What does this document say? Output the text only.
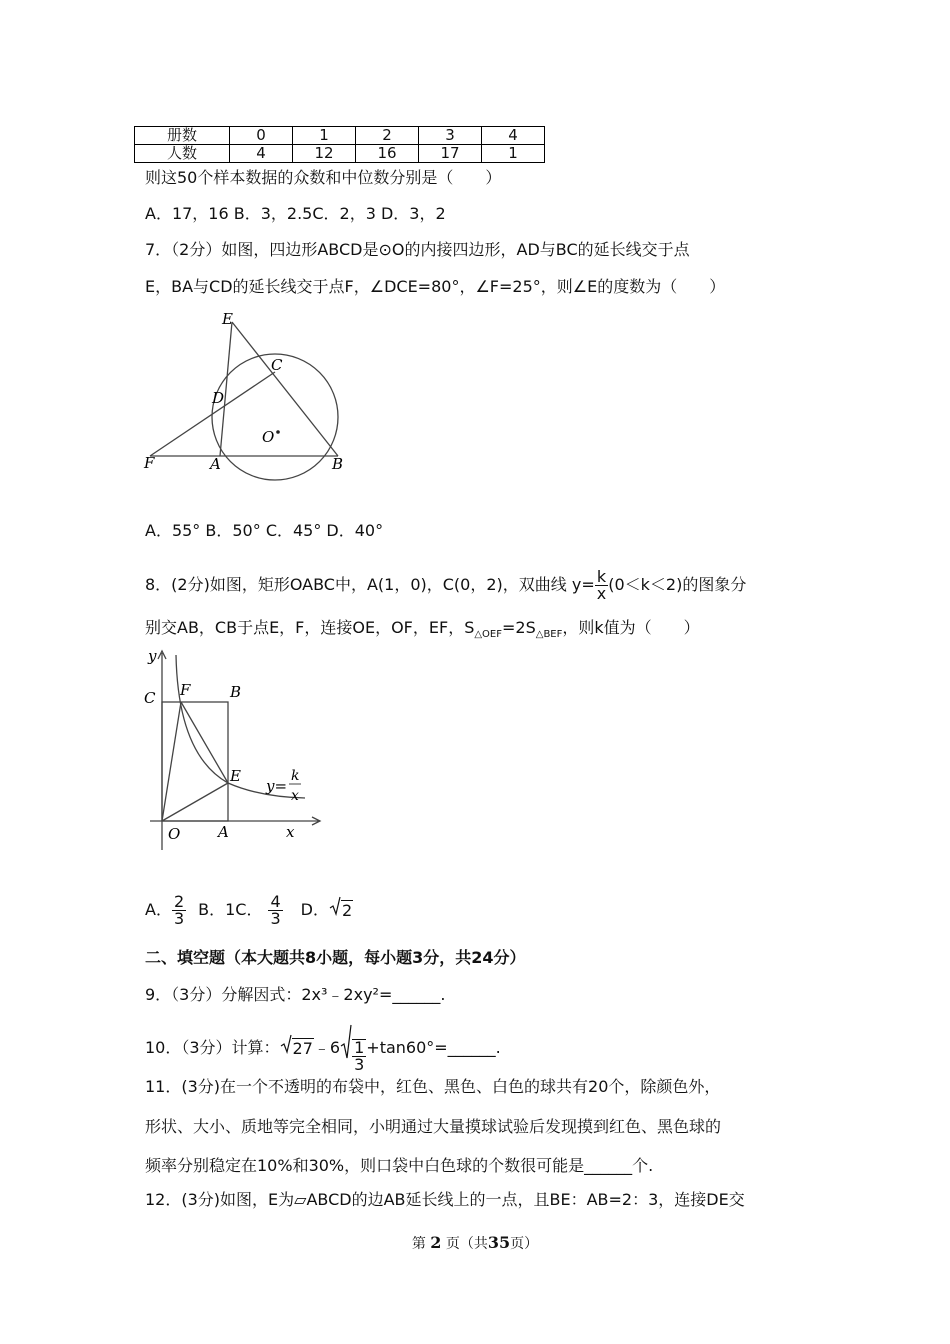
册数	0	1	2	3	4
人数	4	12	16	17	1
则这50个样本数据的众数和中位数分别是（　　）
A．17，16 B．3，2.5C．2，3 D．3，2
7．（2分）如图，四边形ABCD是⊙O的内接四边形，AD与BC的延长线交于点
E，BA与CD的延长线交于点F，∠DCE=80°，∠F=25°，则∠E的度数为（　　）
E
C
D
O
F	A	B
A．55° B．50° C．45° D．40°
8．(2分)如图，矩形OABC中，A(1，0)，C(0，2)，双曲线 $y= \frac{k}{x} (0<k<2)$的图象分
别交AB，CB于点E，F，连接OE，OF，EF，$S_{\triangle OEF}=2S_{\triangle BEF}$，则k值为（　　）
y
C F	B
E
O	A	x
y=
k
x
A． $\frac{2}{3}$ B．1C． $\frac{4}{3}$ D． 2
二、填空题（本大题共8小题，每小题3分，共24分）
9．（3分）分解因式：2x³﹣2xy²=______.
10．（3分）计算： 27﹣6 $\frac{1}{3}$ +tan60°=______.
11．(3分)在一个不透明的布袋中，红色、黑色、白色的球共有20个，除颜色外，
形状、大小、质地等完全相同，小明通过大量摸球试验后发现摸到红色、黑色球的
频率分别稳定在10%和30%，则口袋中白色球的个数很可能是______个.
12．(3分)如图，E为▱ABCD的边AB延长线上的一点，且BE：AB=2：3，连接DE交
第 2 页（共35页）
